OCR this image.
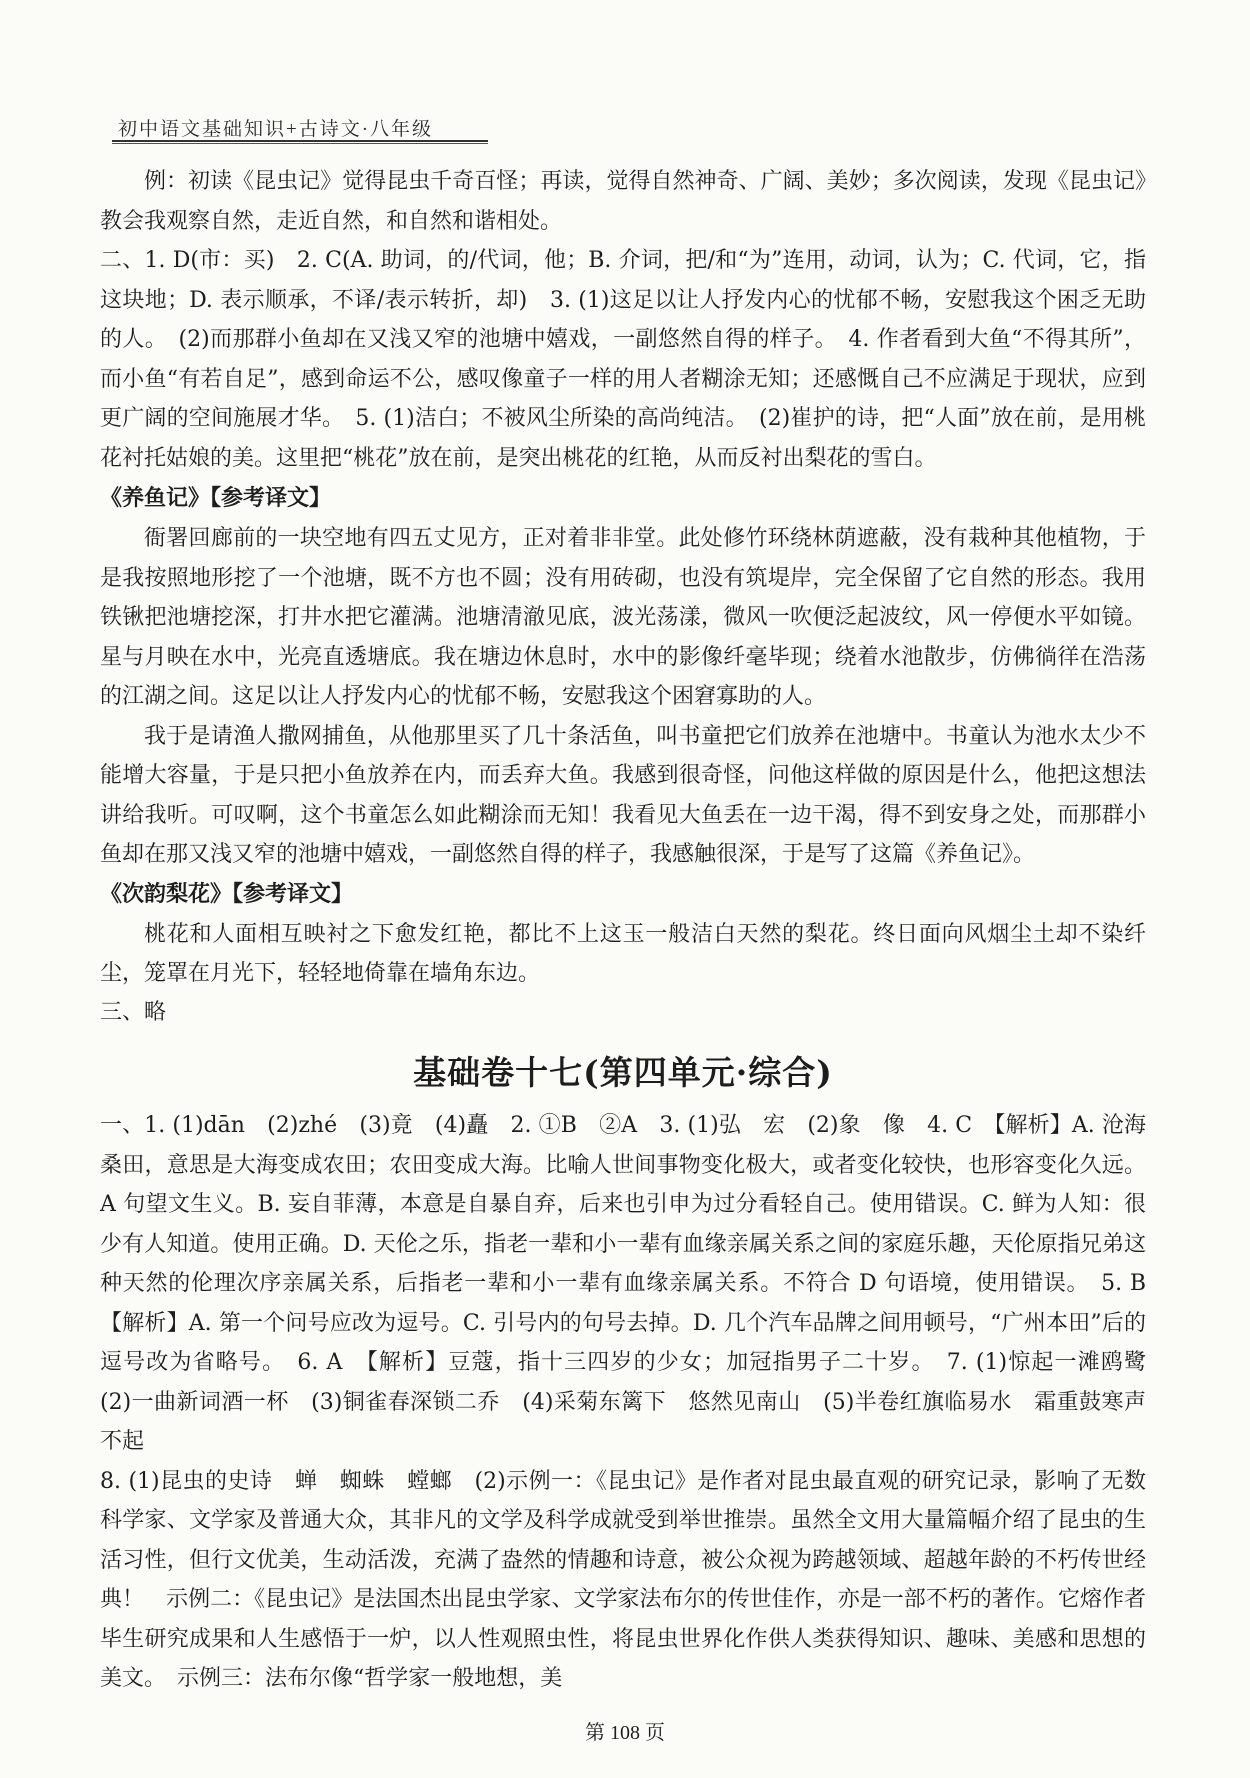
初中语文基础知识+古诗文·八年级

例：初读《昆虫记》觉得昆虫千奇百怪；再读，觉得自然神奇、广阔、美妙；多次阅读，发现《昆虫记》教会我观察自然，走近自然，和自然和谐相处。

二、1. D(市：买)　2. C(A. 助词，的/代词，他；B. 介词，把/和“为”连用，动词，认为；C. 代词，它，指这块地；D. 表示顺承，不译/表示转折，却)　3. (1)这足以让人抒发内心的忧郁不畅，安慰我这个困乏无助的人。　(2)而那群小鱼却在又浅又窄的池塘中嬉戏，一副悠然自得的样子。　4. 作者看到大鱼“不得其所”，而小鱼“有若自足”，感到命运不公，感叹像童子一样的用人者糊涂无知；还感慨自己不应满足于现状，应到更广阔的空间施展才华。　5. (1)洁白；不被风尘所染的高尚纯洁。　(2)崔护的诗，把“人面”放在前，是用桃花衬托姑娘的美。这里把“桃花”放在前，是突出桃花的红艳，从而反衬出梨花的雪白。

《养鱼记》【参考译文】

衙署回廊前的一块空地有四五丈见方，正对着非非堂。此处修竹环绕林荫遮蔽，没有栽种其他植物，于是我按照地形挖了一个池塘，既不方也不圆；没有用砖砌，也没有筑堤岸，完全保留了它自然的形态。我用铁锹把池塘挖深，打井水把它灌满。池塘清澈见底，波光荡漾，微风一吹便泛起波纹，风一停便水平如镜。星与月映在水中，光亮直透塘底。我在塘边休息时，水中的影像纤毫毕现；绕着水池散步，仿佛徜徉在浩荡的江湖之间。这足以让人抒发内心的忧郁不畅，安慰我这个困窘寡助的人。

我于是请渔人撒网捕鱼，从他那里买了几十条活鱼，叫书童把它们放养在池塘中。书童认为池水太少不能增大容量，于是只把小鱼放养在内，而丢弃大鱼。我感到很奇怪，问他这样做的原因是什么，他把这想法讲给我听。可叹啊，这个书童怎么如此糊涂而无知！我看见大鱼丢在一边干渴，得不到安身之处，而那群小鱼却在那又浅又窄的池塘中嬉戏，一副悠然自得的样子，我感触很深，于是写了这篇《养鱼记》。

《次韵梨花》【参考译文】

桃花和人面相互映衬之下愈发红艳，都比不上这玉一般洁白天然的梨花。终日面向风烟尘土却不染纤尘，笼罩在月光下，轻轻地倚靠在墙角东边。

三、略

基础卷十七(第四单元·综合)

一、1. (1)dān　(2)zhé　(3)竟　(4)矗　2. ①B　②A　3. (1)弘　宏　(2)象　像　4. C　【解析】A. 沧海桑田，意思是大海变成农田；农田变成大海。比喻人世间事物变化极大，或者变化较快，也形容变化久远。A 句望文生义。B. 妄自菲薄，本意是自暴自弃，后来也引申为过分看轻自己。使用错误。C. 鲜为人知：很少有人知道。使用正确。D. 天伦之乐，指老一辈和小一辈有血缘亲属关系之间的家庭乐趣，天伦原指兄弟这种天然的伦理次序亲属关系，后指老一辈和小一辈有血缘亲属关系。不符合 D 句语境，使用错误。　5. B　【解析】A. 第一个问号应改为逗号。C. 引号内的句号去掉。D. 几个汽车品牌之间用顿号，“广州本田”后的逗号改为省略号。　6. A　【解析】豆蔻，指十三四岁的少女；加冠指男子二十岁。　7. (1)惊起一滩鸥鹭　(2)一曲新词酒一杯　(3)铜雀春深锁二乔　(4)采菊东篱下　悠然见南山　(5)半卷红旗临易水　霜重鼓寒声不起

8. (1)昆虫的史诗　蝉　蜘蛛　螳螂　(2)示例一：《昆虫记》是作者对昆虫最直观的研究记录，影响了无数科学家、文学家及普通大众，其非凡的文学及科学成就受到举世推崇。虽然全文用大量篇幅介绍了昆虫的生活习性，但行文优美，生动活泼，充满了盎然的情趣和诗意，被公众视为跨越领域、超越年龄的不朽传世经典！　示例二：《昆虫记》是法国杰出昆虫学家、文学家法布尔的传世佳作，亦是一部不朽的著作。它熔作者毕生研究成果和人生感悟于一炉，以人性观照虫性，将昆虫世界化作供人类获得知识、趣味、美感和思想的美文。　示例三：法布尔像“哲学家一般地想，美

第 108 页
